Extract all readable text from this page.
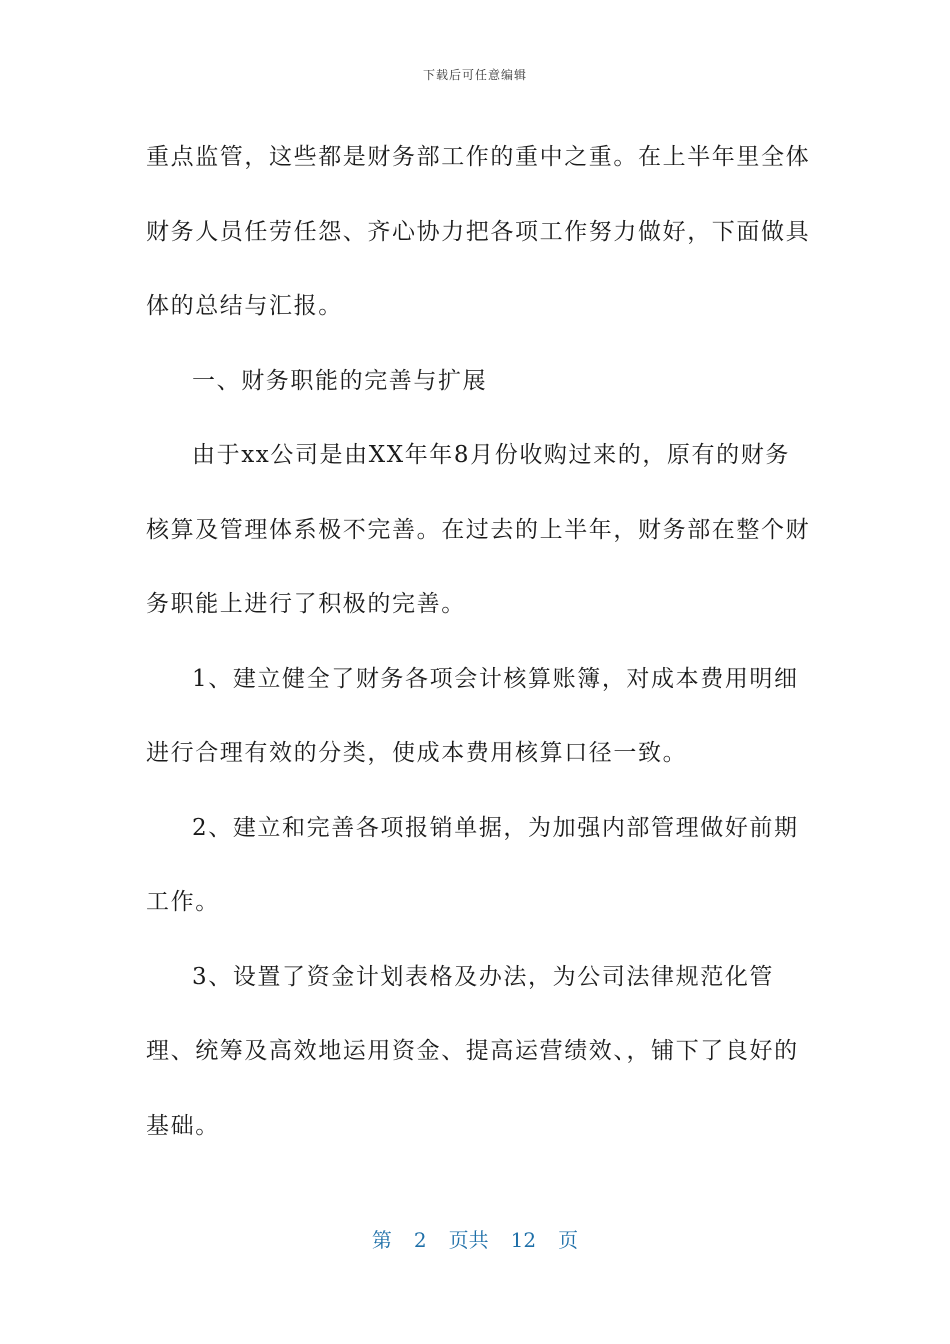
下载后可任意编辑

重点监管，这些都是财务部工作的重中之重。在上半年里全体财务人员任劳任怨、齐心协力把各项工作努力做好，下面做具体的总结与汇报。

一、财务职能的完善与扩展

由于xx公司是由XX年年8月份收购过来的，原有的财务核算及管理体系极不完善。在过去的上半年，财务部在整个财务职能上进行了积极的完善。

1、建立健全了财务各项会计核算账簿，对成本费用明细进行合理有效的分类，使成本费用核算口径一致。

2、建立和完善各项报销单据，为加强内部管理做好前期工作。

3、设置了资金计划表格及办法，为公司法律规范化管理、统筹及高效地运用资金、提高运营绩效、，铺下了良好的基础。

第 2 页共 12 页
